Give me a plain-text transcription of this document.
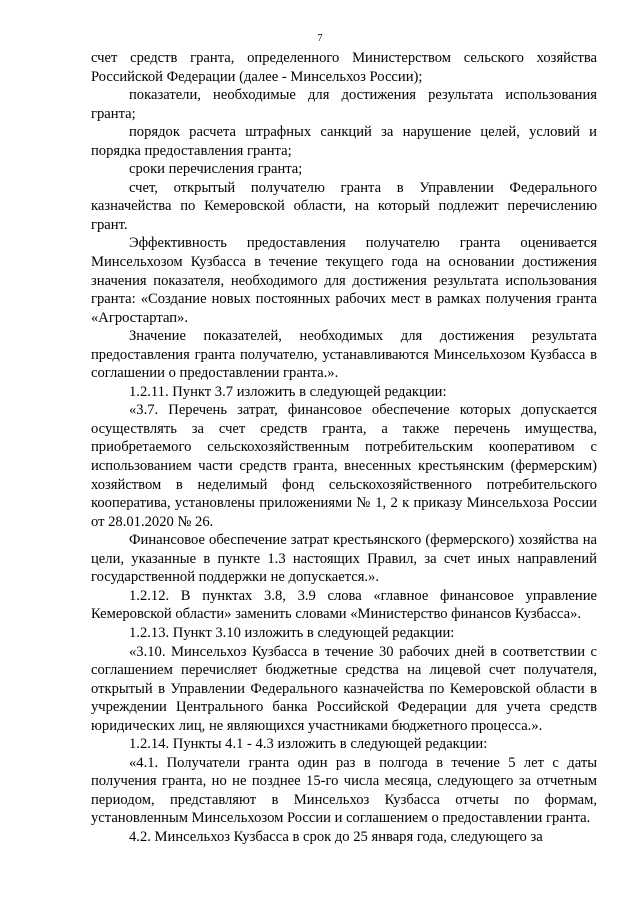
7

счет средств гранта, определенного Министерством сельского хозяйства Российской Федерации (далее - Минсельхоз России);

показатели, необходимые для достижения результата использования гранта;

порядок расчета штрафных санкций за нарушение целей, условий и порядка предоставления гранта;

сроки перечисления гранта;

счет, открытый получателю гранта в Управлении Федерального казначейства по Кемеровской области, на который подлежит перечислению грант.

Эффективность предоставления получателю гранта оценивается Минсельхозом Кузбасса в течение текущего года на основании достижения значения показателя, необходимого для достижения результата использования гранта: «Создание новых постоянных рабочих мест в рамках получения гранта «Агростартап».

Значение показателей, необходимых для достижения результата предоставления гранта получателю, устанавливаются Минсельхозом Кузбасса в соглашении о предоставлении гранта.».

1.2.11. Пункт 3.7 изложить в следующей редакции:

«3.7. Перечень затрат, финансовое обеспечение которых допускается осуществлять за счет средств гранта, а также перечень имущества, приобретаемого сельскохозяйственным потребительским кооперативом с использованием части средств гранта, внесенных крестьянским (фермерским) хозяйством в неделимый фонд сельскохозяйственного потребительского кооператива, установлены приложениями № 1, 2 к приказу Минсельхоза России от 28.01.2020 № 26.

Финансовое обеспечение затрат крестьянского (фермерского) хозяйства на цели, указанные в пункте 1.3 настоящих Правил, за счет иных направлений государственной поддержки не допускается.».

1.2.12. В пунктах 3.8, 3.9 слова «главное финансовое управление Кемеровской области» заменить словами «Министерство финансов Кузбасса».

1.2.13. Пункт 3.10 изложить в следующей редакции:

«3.10. Минсельхоз Кузбасса в течение 30 рабочих дней в соответствии с соглашением перечисляет бюджетные средства на лицевой счет получателя, открытый в Управлении Федерального казначейства по Кемеровской области в учреждении Центрального банка Российской Федерации для учета средств юридических лиц, не являющихся участниками бюджетного процесса.».

1.2.14. Пункты 4.1 - 4.3 изложить в следующей редакции:

«4.1. Получатели гранта один раз в полгода в течение 5 лет с даты получения гранта, но не позднее 15-го числа месяца, следующего за отчетным периодом, представляют в Минсельхоз Кузбасса отчеты по формам, установленным Минсельхозом России и соглашением о предоставлении гранта.

4.2. Минсельхоз Кузбасса в срок до 25 января года, следующего за
